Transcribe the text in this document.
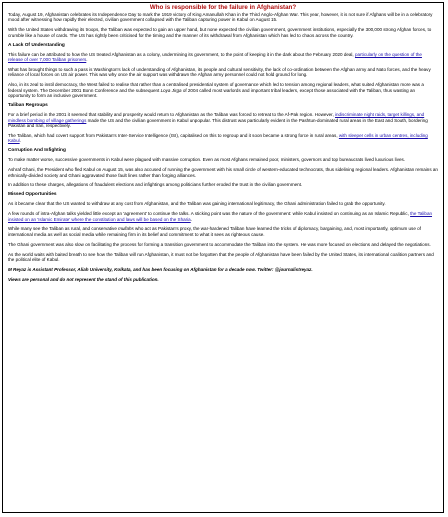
Who is responsible for the failure in Afghanistan?

Today, August 19, Afghanistan celebrates its Independence Day to mark the 1919 victory of King Amanullah Khan in the Third Anglo-Afghan War. This year, however, it is not sure if Afghans will be in a celebratory mood after witnessing how rapidly their elected, civilian government collapsed with the Taliban capturing power in Kabul on August 15.

With the United States withdrawing its troops, the Taliban was expected to gain an upper hand, but none expected the civilian government, government institutions, especially the 300,000 strong Afghan forces, to crumble like a house of cards. The US has rightly been criticised for the timing and the manner of its withdrawal from Afghanistan which has led to chaos across the country.

A Lack Of Understanding

This failure can be attributed to how the US treated Afghanistan as a colony, undermining its government, to the point of keeping it in the dark about the February 2020 deal, particularly on the question of the release of over 7,000 Taliban prisoners.

What has brought things to such a pass is Washington's lack of understanding of Afghanistan, its people and cultural sensitivity, the lack of co-ordination between the Afghan army and Nato forces, and the heavy reliance of local forces on US air power. This was why once the air support was withdrawn the Afghan army personnel could not hold ground for long.

Also, in its zeal to instil democracy, the West failed to realise that rather than a centralised presidential system of governance which led to tension among regional leaders, what suited Afghanistan more was a federal system. The December 2001 Bonn Conference and the subsequent Loya Jirga of 2004 called most warlords and important tribal leaders, except those associated with the Taliban, thus wasting an opportunity to form an inclusive government.

Taliban Regroups

For a brief period in the 2001 it seemed that stability and prosperity would return to Afghanistan as the Taliban was forced to retreat to the Af-Pak region. However, indiscriminate night raids, target killings, and mindless bombing of village gatherings made the US and the civilian government in Kabul unpopular. This distrust was particularly evident in the Pashtun-dominated rural areas in the East and South, bordering Pakistan and Iran, respectively.

The Taliban, which had covert support from Pakistan's Inter-Service Intelligence (ISI), capitalised on this to regroup and it soon became a strong force in rural areas, with sleeper cells in urban centres, including Kabul.

Corruption And Infighting

To make matter worse, successive governments in Kabul were plagued with massive corruption. Even as most Afghans remained poor, ministers, governors and top bureaucrats lived luxurious lives.

Ashraf Ghani, the President who fled Kabul on August 15, was also accused of running the government with his small circle of western-educated technocrats, thus sidelining regional leaders. Afghanistan remains an ethnically-divided society and Ghani aggravated those fault lines rather than forging alliances.

In addition to these charges, allegations of fraudulent elections and infightings among politicians further eroded the trust in the civilian government.

Missed Opportunities

As it became clear that the US wanted to withdraw at any cost from Afghanistan, and the Taliban was gaining international legitimacy, the Ghani administration failed to grab the opportunity.

A few rounds of intra-Afghan talks yielded little except an 'agreement' to continue the talks. A sticking point was the nature of the government: while Kabul insisted on continuing as an Islamic Republic, the Taliban insisted on an 'Islamic Emirate' where the constitution and laws will be based on the Sharia.

While many see the Taliban as rural, and conservative mullahs who act as Pakistan's proxy, the war-hardened Taliban have learned the tricks of diplomacy, bargaining, and, most importantly, optimum use of international media as well as social media while remaining firm in its belief and commitment to what it sees as righteous cause.

The Ghani government was also slow on facilitating the process for forming a transition government to accommodate the Taliban into the system. He was more focused on elections and delayed the negotiations.

As the world waits with baited breath to see how the Taliban will run Afghanistan, it must not be forgotten that the people of Afghanistan have been failed by the United States, its international coalition partners and the political elite of Kabul.

M Reyaz is Assistant Professor, Aliah University, Kolkata, and has been focusing on Afghanistan for a decade now. Twitter: @journalistreyaz.

Views are personal and do not represent the stand of this publication.
